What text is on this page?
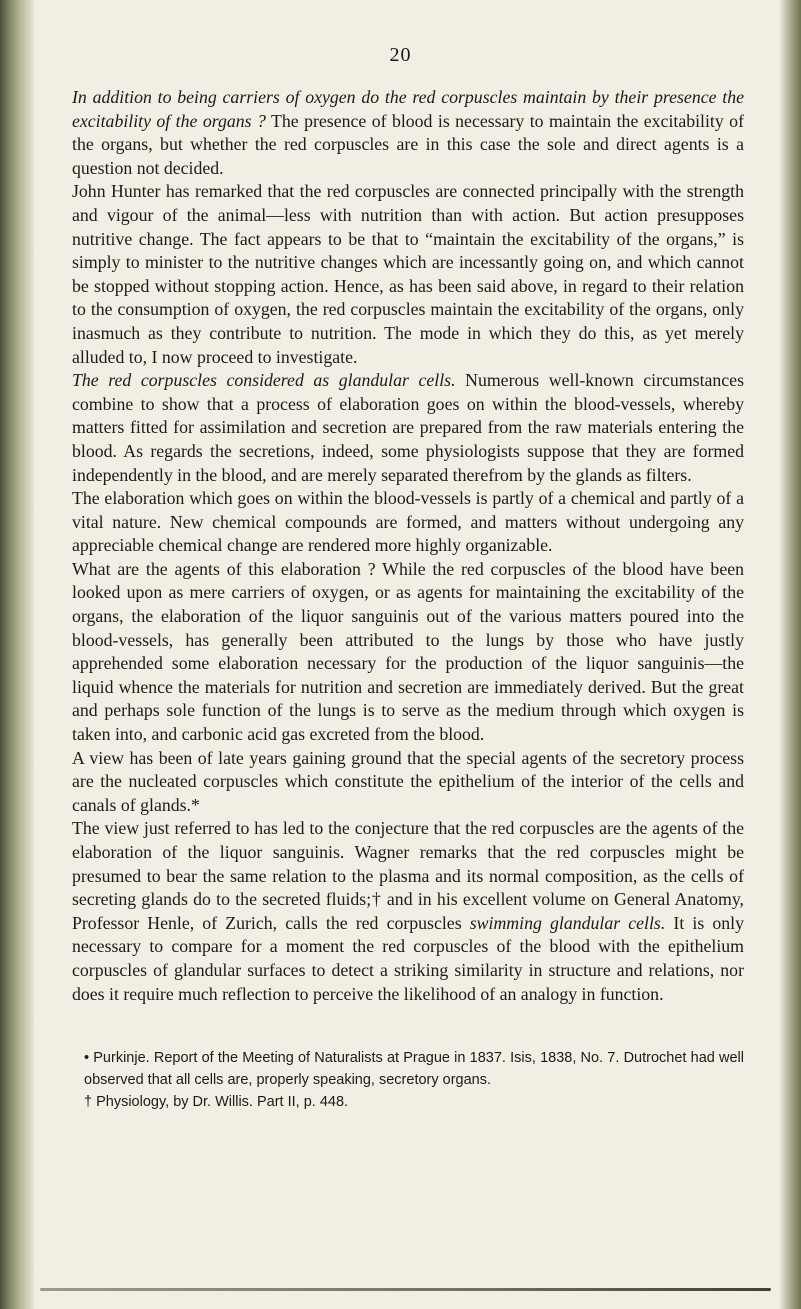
20

In addition to being carriers of oxygen do the red corpuscles maintain by their presence the excitability of the organs ? The presence of blood is necessary to maintain the excitability of the organs, but whether the red corpuscles are in this case the sole and direct agents is a question not decided.

John Hunter has remarked that the red corpuscles are connected principally with the strength and vigour of the animal—less with nutrition than with action. But action presupposes nutritive change. The fact appears to be that to “maintain the excitability of the organs,” is simply to minister to the nutritive changes which are incessantly going on, and which cannot be stopped without stopping action. Hence, as has been said above, in regard to their relation to the consumption of oxygen, the red corpuscles maintain the excitability of the organs, only inasmuch as they contribute to nutrition. The mode in which they do this, as yet merely alluded to, I now proceed to investigate.

The red corpuscles considered as glandular cells. Numerous well-known circumstances combine to show that a process of elaboration goes on within the blood-vessels, whereby matters fitted for assimilation and secretion are prepared from the raw materials entering the blood. As regards the secretions, indeed, some physiologists suppose that they are formed independently in the blood, and are merely separated therefrom by the glands as filters.

The elaboration which goes on within the blood-vessels is partly of a chemical and partly of a vital nature. New chemical compounds are formed, and matters without undergoing any appreciable chemical change are rendered more highly organizable.

What are the agents of this elaboration ? While the red corpuscles of the blood have been looked upon as mere carriers of oxygen, or as agents for maintaining the excitability of the organs, the elaboration of the liquor sanguinis out of the various matters poured into the blood-vessels, has generally been attributed to the lungs by those who have justly apprehended some elaboration necessary for the production of the liquor sanguinis—the liquid whence the materials for nutrition and secretion are immediately derived. But the great and perhaps sole function of the lungs is to serve as the medium through which oxygen is taken into, and carbonic acid gas excreted from the blood.

A view has been of late years gaining ground that the special agents of the secretory process are the nucleated corpuscles which constitute the epithelium of the interior of the cells and canals of glands.*

The view just referred to has led to the conjecture that the red corpuscles are the agents of the elaboration of the liquor sanguinis. Wagner remarks that the red corpuscles might be presumed to bear the same relation to the plasma and its normal composition, as the cells of secreting glands do to the secreted fluids;† and in his excellent volume on General Anatomy, Professor Henle, of Zurich, calls the red corpuscles swimming glandular cells. It is only necessary to compare for a moment the red corpuscles of the blood with the epithelium corpuscles of glandular surfaces to detect a striking similarity in structure and relations, nor does it require much reflection to perceive the likelihood of an analogy in function.

• Purkinje. Report of the Meeting of Naturalists at Prague in 1837. Isis, 1838, No. 7. Dutrochet had well observed that all cells are, properly speaking, secretory organs.

† Physiology, by Dr. Willis. Part II, p. 448.
